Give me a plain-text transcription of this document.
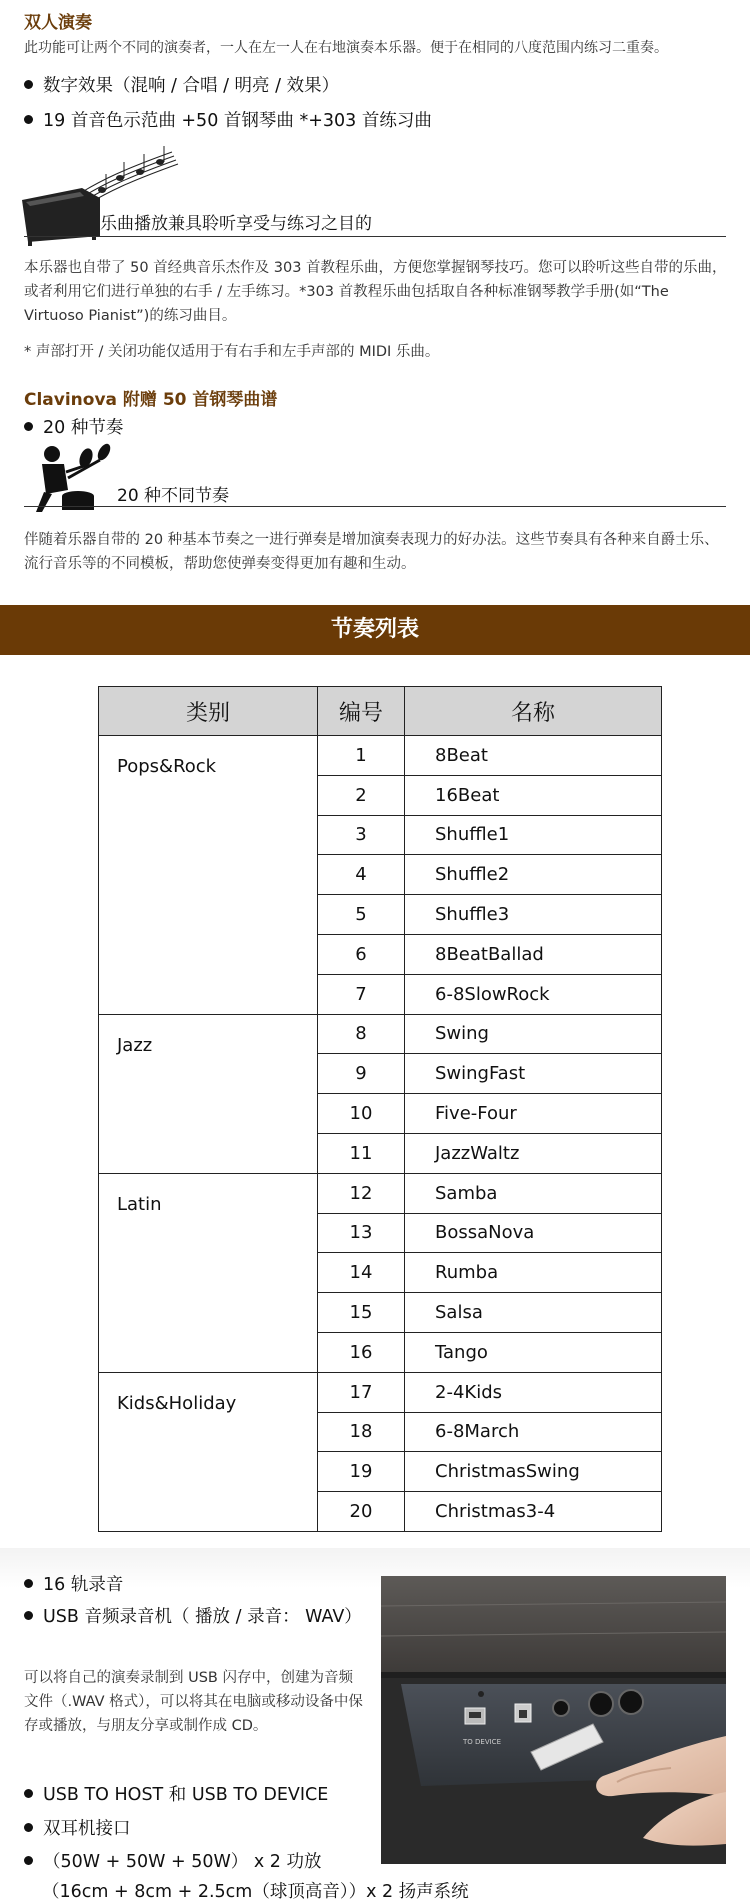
双人演奏
此功能可让两个不同的演奏者，一人在左一人在右地演奏本乐器。便于在相同的八度范围内练习二重奏。
数字效果（混响 / 合唱 / 明亮 / 效果）
19 首音色示范曲 +50 首钢琴曲 *+303 首练习曲
乐曲播放兼具聆听享受与练习之目的
本乐器也自带了 50 首经典音乐杰作及 303 首教程乐曲，方便您掌握钢琴技巧。您可以聆听这些自带的乐曲，或者利用它们进行单独的右手 / 左手练习。*303 首教程乐曲包括取自各种标准钢琴教学手册(如“The Virtuoso Pianist”)的练习曲目。
* 声部打开 / 关闭功能仅适用于有右手和左手声部的 MIDI 乐曲。
Clavinova 附赠 50 首钢琴曲谱
20 种节奏
20 种不同节奏
伴随着乐器自带的 20 种基本节奏之一进行弹奏是增加演奏表现力的好办法。这些节奏具有各种来自爵士乐、流行音乐等的不同模板，帮助您使弹奏变得更加有趣和生动。
节奏列表
类别	编号	名称
Pops&Rock	1	8Beat
	2	16Beat
	3	Shuffle1
	4	Shuffle2
	5	Shuffle3
	6	8BeatBallad
	7	6-8SlowRock
Jazz	8	Swing
	9	SwingFast
	10	Five-Four
	11	JazzWaltz
Latin	12	Samba
	13	BossaNova
	14	Rumba
	15	Salsa
	16	Tango
Kids&Holiday	17	2-4Kids
	18	6-8March
	19	ChristmasSwing
	20	Christmas3-4
16 轨录音
USB 音频录音机（ 播放 / 录音： WAV）
可以将自己的演奏录制到 USB 闪存中，创建为音频文件（.WAV 格式），可以将其在电脑或移动设备中保存或播放，与朋友分享或制作成 CD。
USB TO HOST 和 USB TO DEVICE
双耳机接口
（50W + 50W + 50W） x 2 功放
（16cm + 8cm + 2.5cm（球顶高音））x 2 扬声系统
TO DEVICE
